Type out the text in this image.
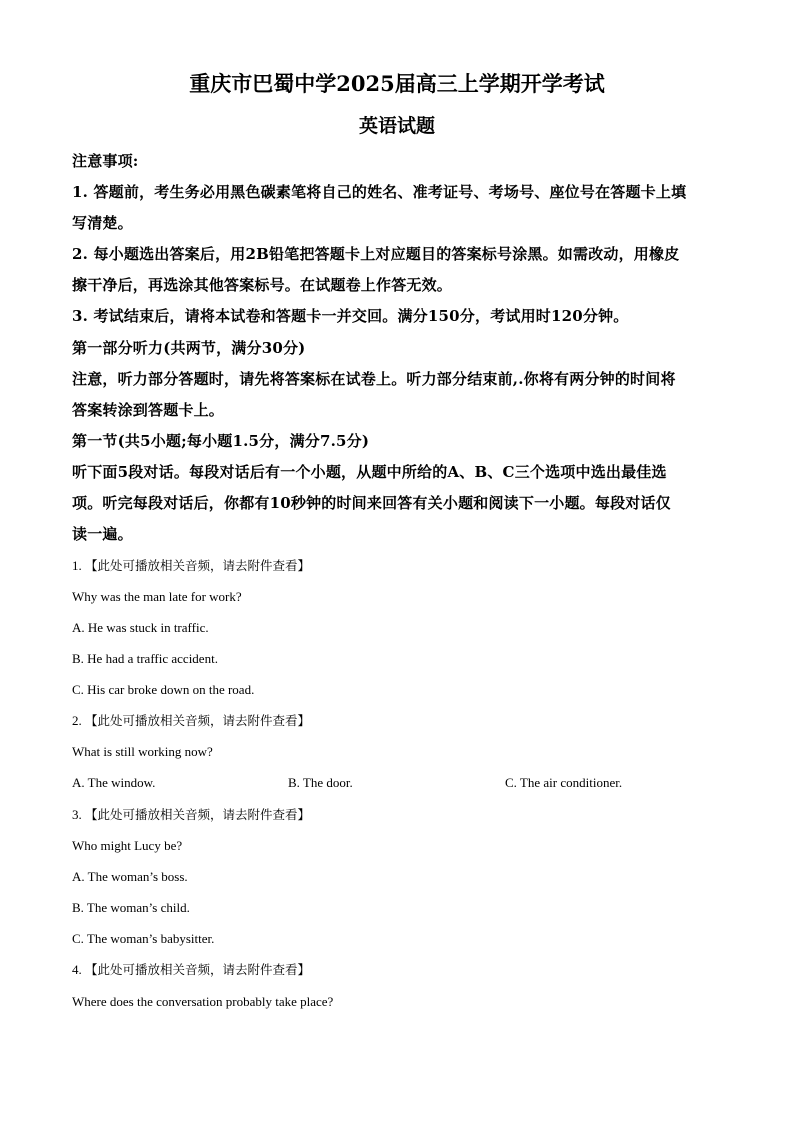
重庆市巴蜀中学2025届高三上学期开学考试
英语试题
注意事项:
1. 答题前，考生务必用黑色碳素笔将自己的姓名、准考证号、考场号、座位号在答题卡上填
写清楚。
2. 每小题选出答案后，用2B铅笔把答题卡上对应题目的答案标号涂黑。如需改动，用橡皮
擦干净后，再选涂其他答案标号。在试题卷上作答无效。
3. 考试结束后，请将本试卷和答题卡一并交回。满分150分，考试用时120分钟。
第一部分听力(共两节，满分30分)
注意，听力部分答题时，请先将答案标在试卷上。听力部分结束前,.你将有两分钟的时间将
答案转涂到答题卡上。
第一节(共5小题;每小题1.5分，满分7.5分)
听下面5段对话。每段对话后有一个小题，从题中所给的A、B、C三个选项中选出最佳选
项。听完每段对话后，你都有10秒钟的时间来回答有关小题和阅读下一小题。每段对话仅
读一遍。
1. 【此处可播放相关音频，请去附件查看】
Why was the man late for work?
A. He was stuck in traffic.
B. He had a traffic accident.
C. His car broke down on the road.
2. 【此处可播放相关音频，请去附件查看】
What is still working now?
A. The window.	B. The door.	C. The air conditioner.
3. 【此处可播放相关音频，请去附件查看】
Who might Lucy be?
A. The woman’s boss.
B. The woman’s child.
C. The woman’s babysitter.
4. 【此处可播放相关音频，请去附件查看】
Where does the conversation probably take place?
